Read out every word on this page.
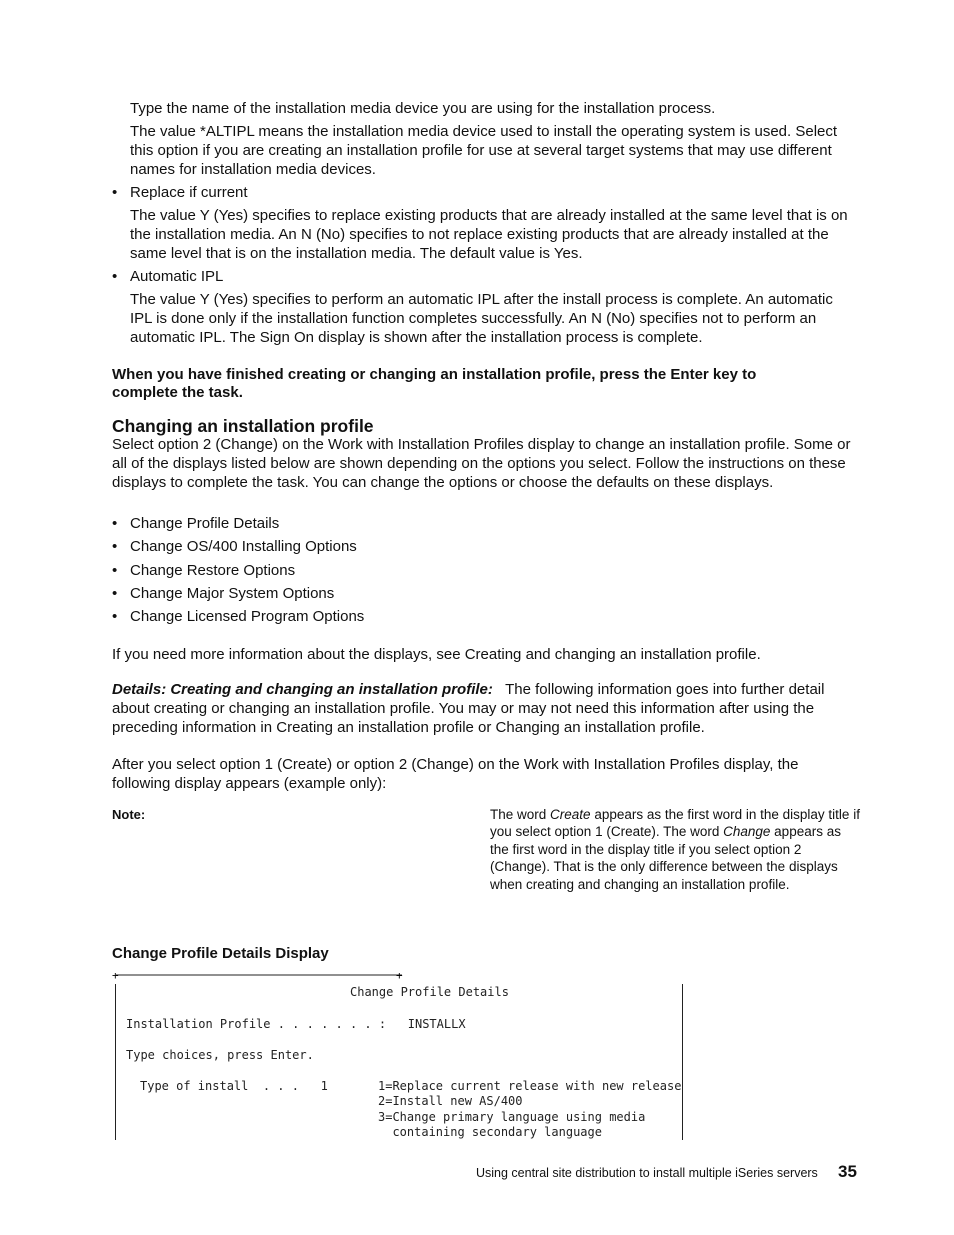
Type the name of the installation media device you are using for the installation process.

The value *ALTIPL means the installation media device used to install the operating system is used. Select this option if you are creating an installation profile for use at several target systems that may use different names for installation media devices.

• Replace if current

The value Y (Yes) specifies to replace existing products that are already installed at the same level that is on the installation media. An N (No) specifies to not replace existing products that are already installed at the same level that is on the installation media. The default value is Yes.

• Automatic IPL

The value Y (Yes) specifies to perform an automatic IPL after the install process is complete. An automatic IPL is done only if the installation function completes successfully. An N (No) specifies not to perform an automatic IPL. The Sign On display is shown after the installation process is complete.

When you have finished creating or changing an installation profile, press the Enter key to complete the task.

Changing an installation profile

Select option 2 (Change) on the Work with Installation Profiles display to change an installation profile. Some or all of the displays listed below are shown depending on the options you select. Follow the instructions on these displays to complete the task. You can change the options or choose the defaults on these displays.

• Change Profile Details
• Change OS/400 Installing Options
• Change Restore Options
• Change Major System Options
• Change Licensed Program Options

If you need more information about the displays, see Creating and changing an installation profile.

Details: Creating and changing an installation profile: The following information goes into further detail about creating or changing an installation profile. You may or may not need this information after using the preceding information in Creating an installation profile or Changing an installation profile.

After you select option 1 (Create) or option 2 (Change) on the Work with Installation Profiles display, the following display appears (example only):

Note:	The word Create appears as the first word in the display title if you select option 1 (Create). The word Change appears as the first word in the display title if you select option 2 (Change). That is the only difference between the displays when creating and changing an installation profile.
Change Profile Details Display
+	+
Change Profile Details
Installation Profile . . . . . . . :   INSTALLX
Type choices, press Enter.
Type of install  . . .   1	1=Replace current release with new release
2=Install new AS/400
3=Change primary language using media
containing secondary language
Using central site distribution to install multiple iSeries servers 35
